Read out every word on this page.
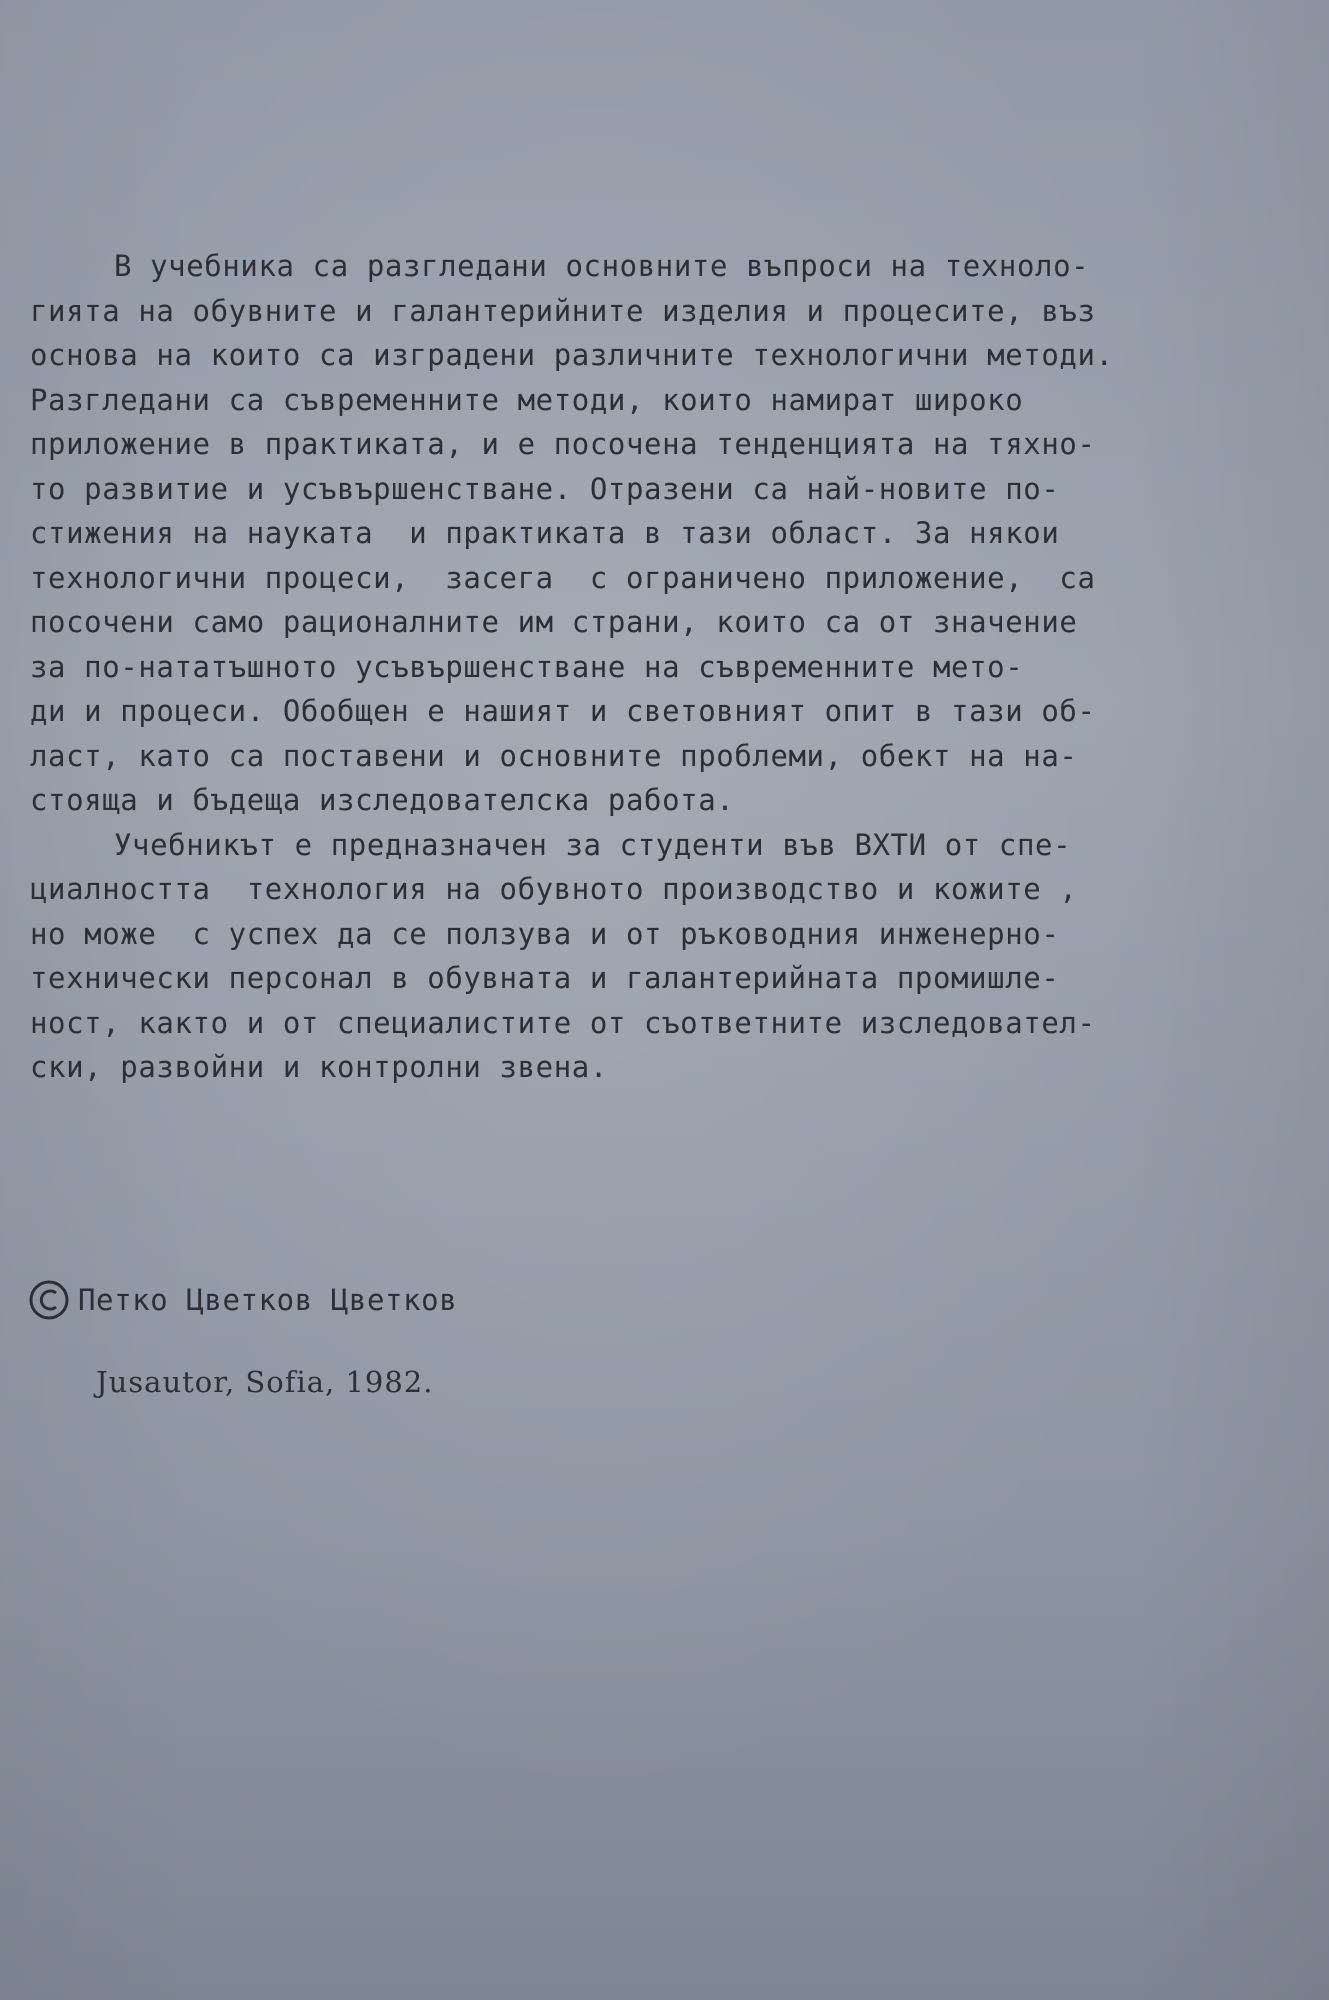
В учебника са разгледани основните въпроси на техноло-
гията на обувните и галантерийните изделия и процесите, въз
основа на които са изградени различните технологични методи.
Разгледани са съвременните методи, които намират широко
приложение в практиката, и е посочена тенденцията на тяхно-
то развитие и усъвършенстване. Отразени са най-новите по-
стижения на науката  и практиката в тази област. За някои
технологични процеси,  засега  с ограничено приложение,  са
посочени само рационалните им страни, които са от значение
за по-нататъшното усъвършенстване на съвременните мето-
ди и процеси. Обобщен е нашият и световният опит в тази об-
ласт, като са поставени и основните проблеми, обект на на-
стояща и бъдеща изследователска работа.
Учебникът е предназначен за студенти във ВХТИ от спе-
циалността  технология на обувното производство и кожите ,
но може  с успех да се ползува и от ръководния инженерно-
технически персонал в обувната и галантерийната промишле-
ност, както и от специалистите от съответните изследовател-
ски, развойни и контролни звена.
Петко Цветков Цветков
Jusautor, Sofia, 1982.
